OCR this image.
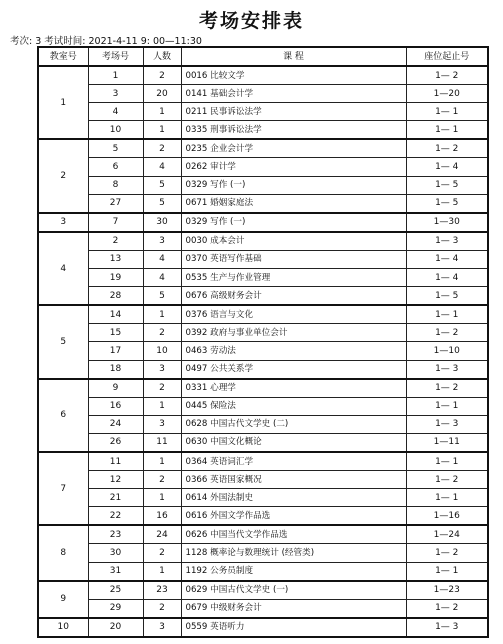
考场安排表
考次: 3 考试时间: 2021-4-11 9: 00—11:30
教室号	考场号	人数	课 程	座位起止号
1	1	2	0016 比较文学	1— 2
	3	20	0141 基础会计学	1—20
	4	1	0211 民事诉讼法学	1— 1
	10	1	0335 刑事诉讼法学	1— 1
2	5	2	0235 企业会计学	1— 2
	6	4	0262 审计学	1— 4
	8	5	0329 写作 (一)	1— 5
	27	5	0671 婚姻家庭法	1— 5
3	7	30	0329 写作 (一)	1—30
4	2	3	0030 成本会计	1— 3
	13	4	0370 英语写作基础	1— 4
	19	4	0535 生产与作业管理	1— 4
	28	5	0676 高级财务会计	1— 5
5	14	1	0376 语言与文化	1— 1
	15	2	0392 政府与事业单位会计	1— 2
	17	10	0463 劳动法	1—10
	18	3	0497 公共关系学	1— 3
6	9	2	0331 心理学	1— 2
	16	1	0445 保险法	1— 1
	24	3	0628 中国古代文学史 (二)	1— 3
	26	11	0630 中国文化概论	1—11
7	11	1	0364 英语词汇学	1— 1
	12	2	0366 英语国家概况	1— 2
	21	1	0614 外国法制史	1— 1
	22	16	0616 外国文学作品选	1—16
8	23	24	0626 中国当代文学作品选	1—24
	30	2	1128 概率论与数理统计 (经管类)	1— 2
	31	1	1192 公务员制度	1— 1
9	25	23	0629 中国古代文学史 (一)	1—23
	29	2	0679 中级财务会计	1— 2
10	20	3	0559 英语听力	1— 3
